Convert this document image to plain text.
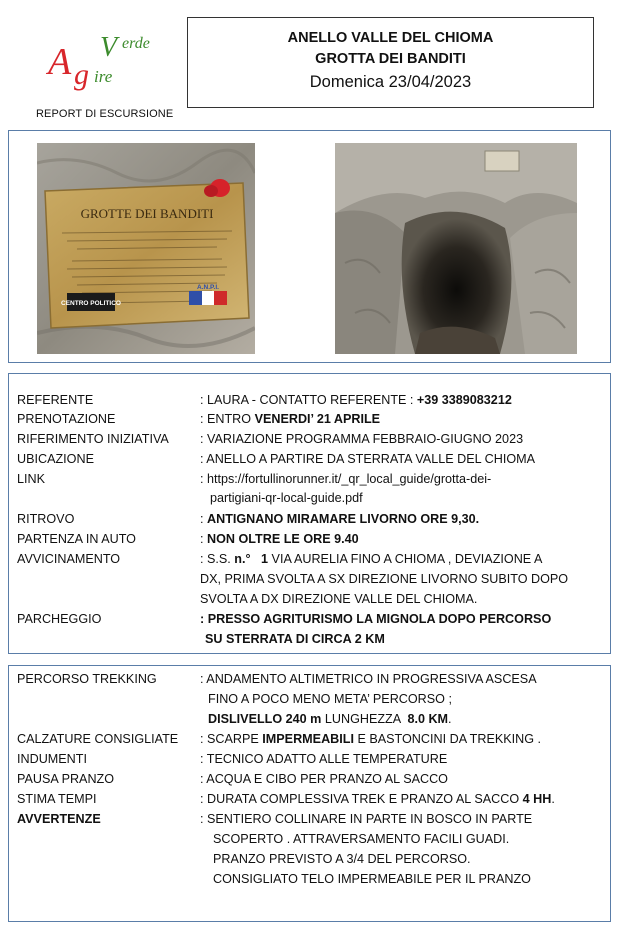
A g
V erde
ire
REPORT DI ESCURSIONE
ANELLO VALLE DEL CHIOMA
GROTTA DEI BANDITI
Domenica 23/04/2023
GROTTE DEI BANDITI
CENTRO POLITICO
A.N.P.I.
REFERENTE	: LAURA - CONTATTO REFERENTE : +39 3389083212
PRENOTAZIONE	: ENTRO VENERDI’ 21 APRILE
RIFERIMENTO INIZIATIVA : VARIAZIONE PROGRAMMA FEBBRAIO-GIUGNO 2023
UBICAZIONE	: ANELLO A PARTIRE DA STERRATA VALLE DEL CHIOMA
LINK	: https://fortullinorunner.it/_qr_local_guide/grotta-dei-
partigiani-qr-local-guide.pdf
RITROVO	: ANTIGNANO MIRAMARE LIVORNO ORE 9,30.
PARTENZA IN AUTO	: NON OLTRE LE ORE 9.40
AVVICINAMENTO	: S.S. n.° 1 VIA AURELIA FINO A CHIOMA , DEVIAZIONE A
DX, PRIMA SVOLTA A SX DIREZIONE LIVORNO SUBITO DOPO
SVOLTA A DX DIREZIONE VALLE DEL CHIOMA.
PARCHEGGIO	: PRESSO AGRITURISMO LA MIGNOLA DOPO PERCORSO
SU STERRATA DI CIRCA 2 KM
PERCORSO TREKKING	: ANDAMENTO ALTIMETRICO IN PROGRESSIVA ASCESA
FINO A POCO MENO META’ PERCORSO ;
DISLIVELLO 240 m LUNGHEZZA  8.0 KM.
CALZATURE CONSIGLIATE : SCARPE IMPERMEABILI E BASTONCINI DA TREKKING .
INDUMENTI	: TECNICO ADATTO ALLE TEMPERATURE
PAUSA PRANZO	: ACQUA E CIBO PER PRANZO AL SACCO
STIMA TEMPI	: DURATA COMPLESSIVA TREK E PRANZO AL SACCO 4 HH.
AVVERTENZE	: SENTIERO COLLINARE IN PARTE IN BOSCO IN PARTE
SCOPERTO . ATTRAVERSAMENTO FACILI GUADI.
PRANZO PREVISTO A 3/4 DEL PERCORSO.
CONSIGLIATO TELO IMPERMEABILE PER IL PRANZO
